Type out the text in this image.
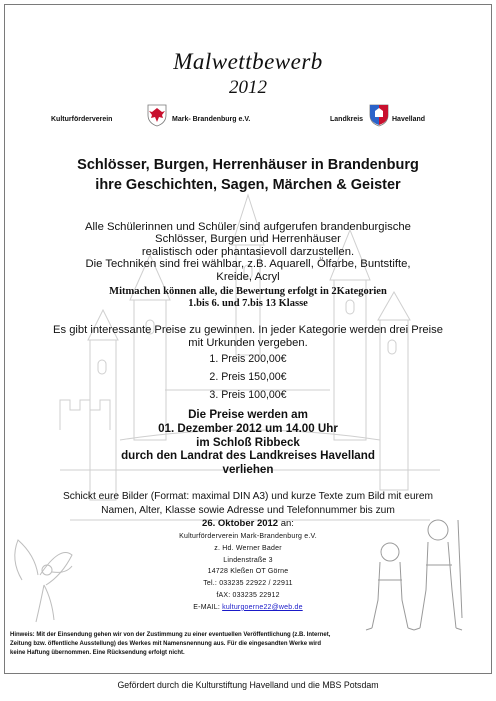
Malwettbewerb
2012
Kulturförderverein	Mark- Brandenburg e.V.	Landkreis	Havelland
Schlösser, Burgen, Herrenhäuser in Brandenburg
ihre Geschichten, Sagen, Märchen & Geister
Alle Schülerinnen und Schüler sind aufgerufen brandenburgische
Schlösser, Burgen und Herrenhäuser
realistisch oder phantasievoll darzustellen.
Die Techniken sind frei wählbar, z.B. Aquarell, Ölfarbe, Buntstifte,
Kreide, Acryl
Mitmachen können alle, die Bewertung erfolgt in 2Kategorien
1.bis 6. und 7.bis 13 Klasse
Es gibt interessante Preise zu gewinnen. In jeder Kategorie werden drei Preise
mit Urkunden vergeben.
1. Preis 200,00€
2. Preis 150,00€
3. Preis 100,00€
Die Preise werden am
01. Dezember 2012 um 14.00 Uhr
im Schloß Ribbeck
durch den Landrat des Landkreises Havelland
verliehen
Schickt eure Bilder (Format: maximal DIN A3) und kurze Texte zum Bild mit eurem
Namen, Alter, Klasse sowie Adresse und Telefonnummer bis zum
26. Oktober 2012 an:
Kulturförderverein Mark-Brandenburg e.V.
z. Hd. Werner Bader
Lindenstraße 3
14728 Kleßen OT Görne
Tel.: 033235 22922 / 22911
fAX: 033235 22912
E-MAIL: kulturgoerne22@web.de
Hinweis: Mit der Einsendung gehen wir von der Zustimmung zu einer eventuellen Veröffentlichung (z.B. Internet,
Zeitung bzw. öffentliche Ausstellung) des Werkes mit Namensnennung aus. Für die eingesandten Werke wird
keine Haftung übernommen. Eine Rücksendung erfolgt nicht.
Gefördert durch die Kulturstiftung Havelland und die MBS Potsdam
